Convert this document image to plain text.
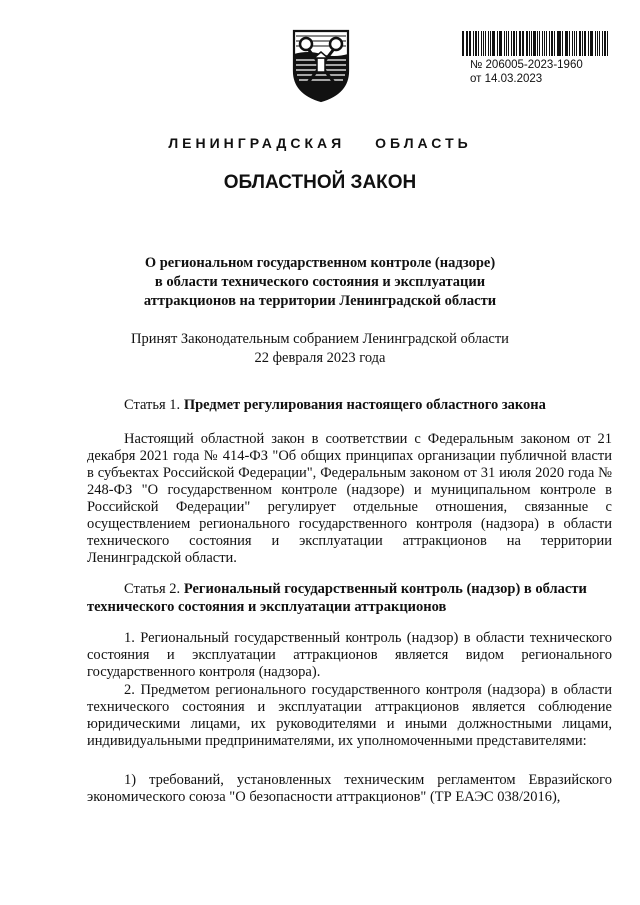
№ 206005-2023-1960
от 14.03.2023
ЛЕНИНГРАДСКАЯ ОБЛАСТЬ
ОБЛАСТНОЙ ЗАКОН
О региональном государственном контроле (надзоре)
в области технического состояния и эксплуатации
аттракционов на территории Ленинградской области
Принят Законодательным собранием Ленинградской области
22 февраля 2023 года
Статья 1. Предмет регулирования настоящего областного закона
Настоящий областной закон в соответствии с Федеральным законом от 21 декабря 2021 года № 414-ФЗ "Об общих принципах организации публичной власти в субъектах Российской Федерации", Федеральным законом от 31 июля 2020 года № 248-ФЗ "О государственном контроле (надзоре) и муниципальном контроле в Российской Федерации" регулирует отдельные отношения, связанные с осуществлением регионального государственного контроля (надзора) в области технического состояния и эксплуатации аттракционов на территории Ленинградской области.
Статья 2. Региональный государственный контроль (надзор) в области
технического состояния и эксплуатации аттракционов
1. Региональный государственный контроль (надзор) в области технического состояния и эксплуатации аттракционов является видом регионального государственного контроля (надзора).
2. Предметом регионального государственного контроля (надзора) в области технического состояния и эксплуатации аттракционов является соблюдение юридическими лицами, их руководителями и иными должностными лицами, индивидуальными предпринимателями, их уполномоченными представителями:
1) требований, установленных техническим регламентом Евразийского экономического союза "О безопасности аттракционов" (ТР ЕАЭС 038/2016),
